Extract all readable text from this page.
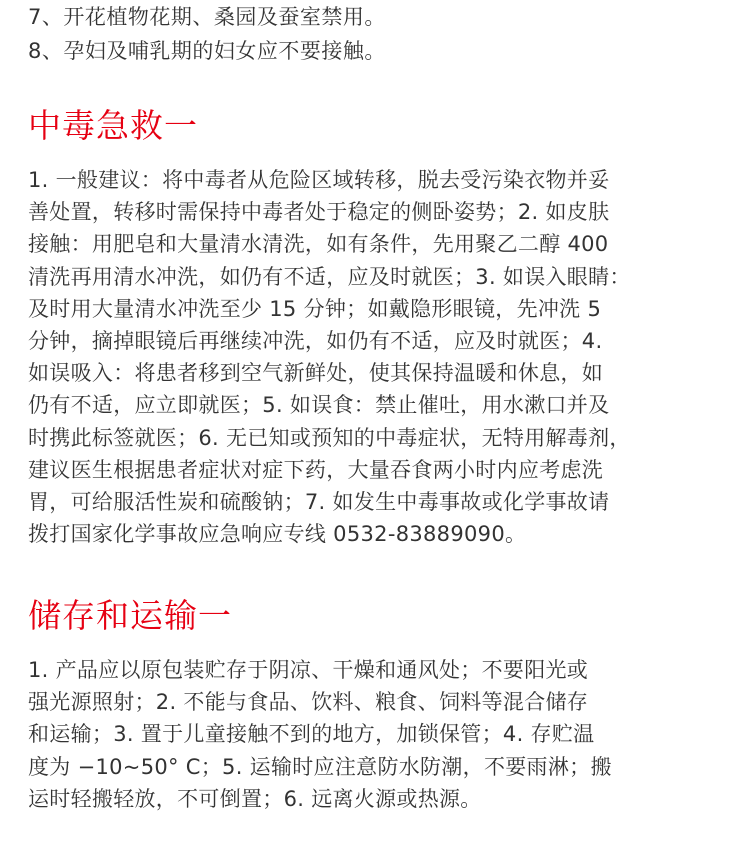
7、开花植物花期、桑园及蚕室禁用。
8、孕妇及哺乳期的妇女应不要接触。
中毒急救一
1. 一般建议：将中毒者从危险区域转移，脱去受污染衣物并妥
善处置，转移时需保持中毒者处于稳定的侧卧姿势；2. 如皮肤
接触：用肥皂和大量清水清洗，如有条件，先用聚乙二醇 400
清洗再用清水冲洗，如仍有不适，应及时就医；3. 如误入眼睛：
及时用大量清水冲洗至少 15 分钟；如戴隐形眼镜，先冲洗 5
分钟，摘掉眼镜后再继续冲洗，如仍有不适，应及时就医；4.
如误吸入：将患者移到空气新鲜处，使其保持温暖和休息，如
仍有不适，应立即就医；5. 如误食：禁止催吐，用水漱口并及
时携此标签就医；6. 无已知或预知的中毒症状，无特用解毒剂，
建议医生根据患者症状对症下药，大量吞食两小时内应考虑洗
胃，可给服活性炭和硫酸钠；7. 如发生中毒事故或化学事故请
拨打国家化学事故应急响应专线 0532-83889090。
储存和运输一
1. 产品应以原包装贮存于阴凉、干燥和通风处；不要阳光或
强光源照射；2. 不能与食品、饮料、粮食、饲料等混合储存
和运输；3. 置于儿童接触不到的地方，加锁保管；4. 存贮温
度为 −10~50° C；5. 运输时应注意防水防潮，不要雨淋；搬
运时轻搬轻放，不可倒置；6. 远离火源或热源。
